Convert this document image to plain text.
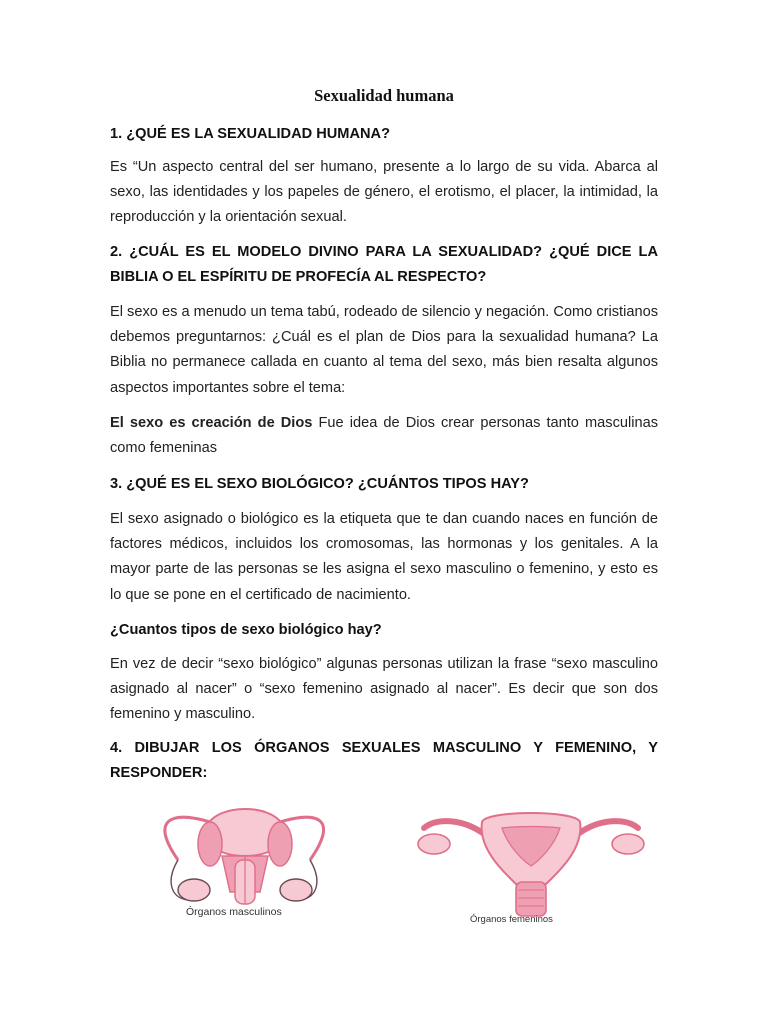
Sexualidad humana
1. ¿QUÉ ES LA SEXUALIDAD HUMANA?

Es “Un aspecto central del ser humano, presente a lo largo de su vida. Abarca al sexo, las identidades y los papeles de género, el erotismo, el placer, la intimidad, la reproducción y la orientación sexual.

2. ¿CUÁL ES EL MODELO DIVINO PARA LA SEXUALIDAD? ¿QUÉ DICE LA BIBLIA O EL ESPÍRITU DE PROFECÍA AL RESPECTO?

El sexo es a menudo un tema tabú, rodeado de silencio y negación. Como cristianos debemos preguntarnos: ¿Cuál es el plan de Dios para la sexualidad humana? La Biblia no permanece callada en cuanto al tema del sexo, más bien resalta algunos aspectos importantes sobre el tema:

El sexo es creación de Dios Fue idea de Dios crear personas tanto masculinas como femeninas

3. ¿QUÉ ES EL SEXO BIOLÓGICO? ¿CUÁNTOS TIPOS HAY?

El sexo asignado o biológico es la etiqueta que te dan cuando naces en función de factores médicos, incluidos los cromosomas, las hormonas y los genitales. A la mayor parte de las personas se les asigna el sexo masculino o femenino, y esto es lo que se pone en el certificado de nacimiento.

¿Cuantos tipos de sexo biológico hay?

En vez de decir “sexo biológico” algunas personas utilizan la frase “sexo masculino asignado al nacer” o “sexo femenino asignado al nacer”. Es decir que son dos femenino y masculino.

4. DIBUJAR LOS ÓRGANOS SEXUALES MASCULINO Y FEMENINO, Y RESPONDER:
Órganos masculinos
Órganos femeninos
